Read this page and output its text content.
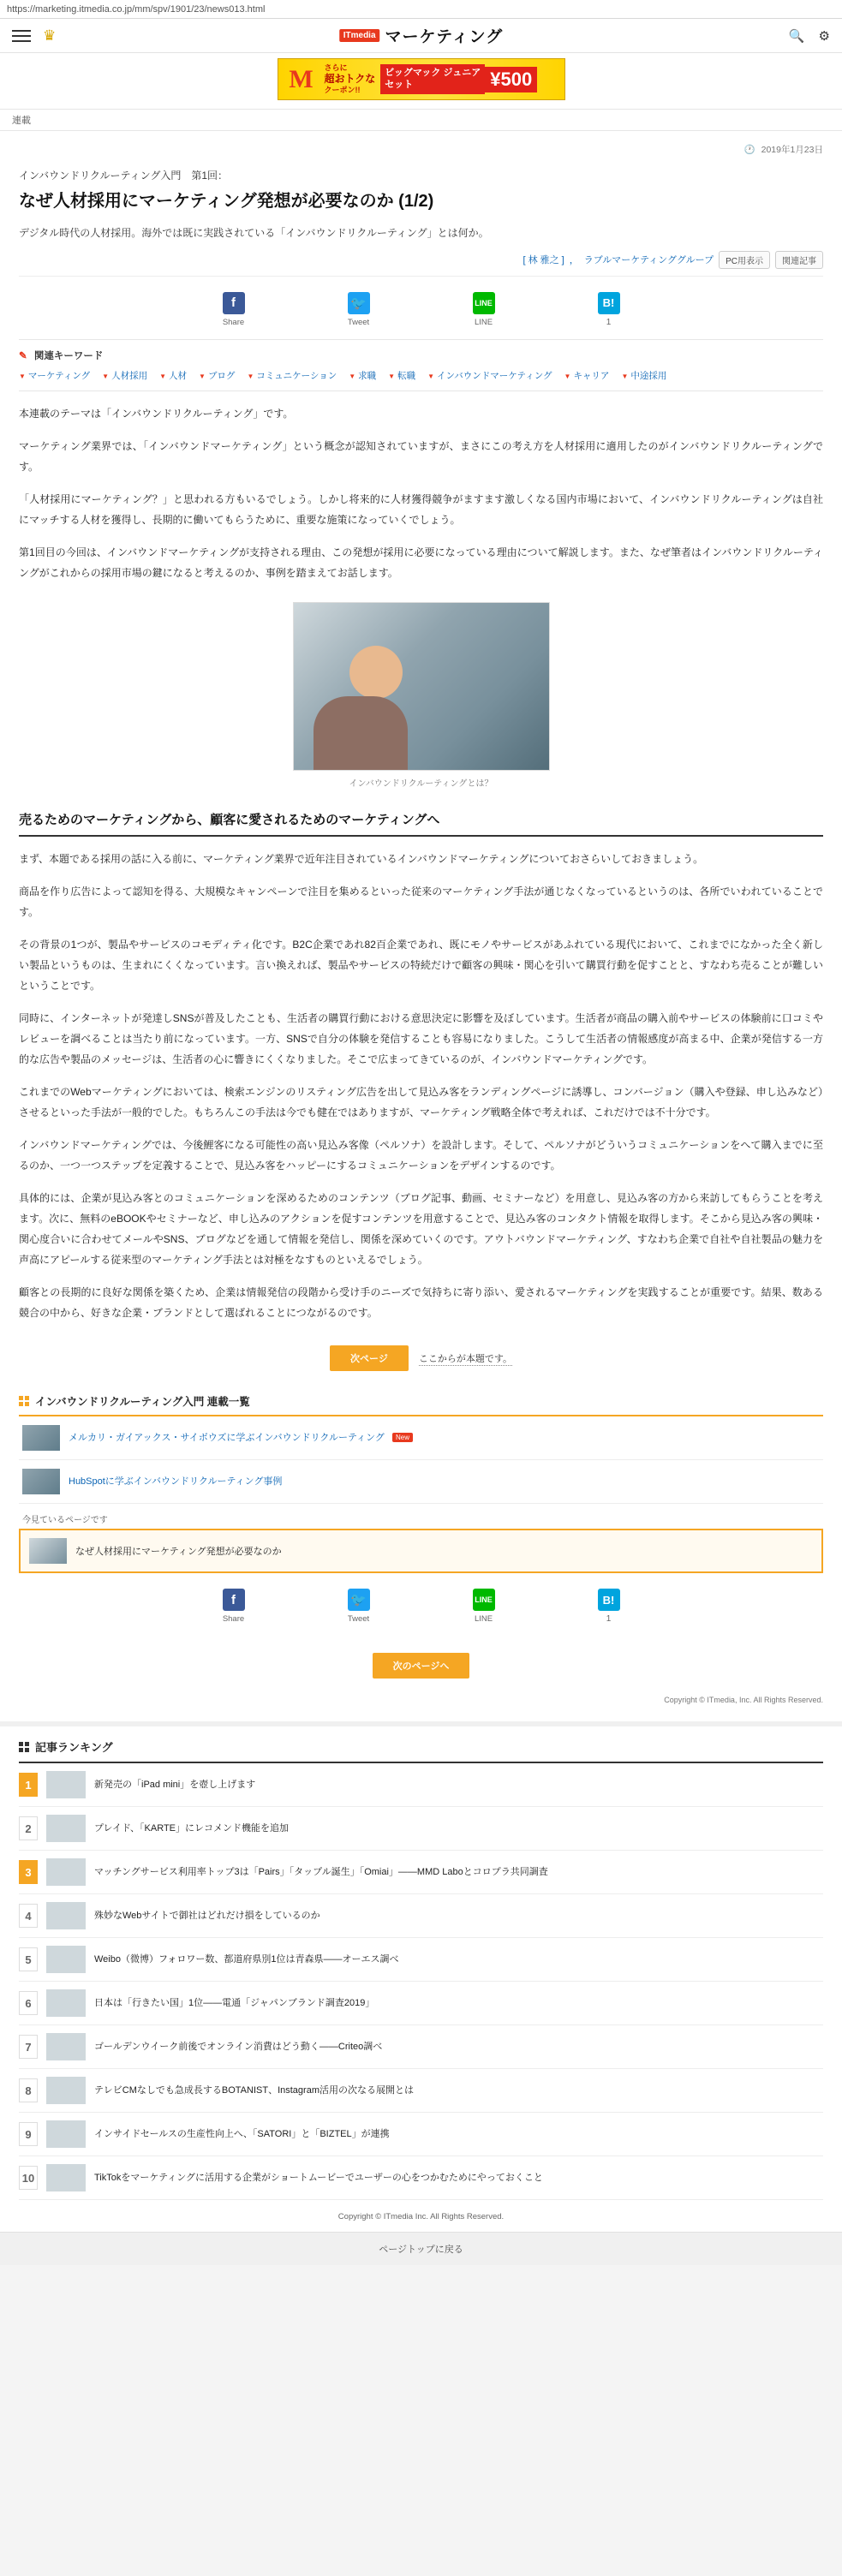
https://marketing.itmedia.co.jp/mm/spv/1901/23/news013.html
♛	ITmedia マーケティング	🔍 ⚙
M	さらに
超おトクな
クーポン!!
ビッグマック ジュニア
セット	¥500
連載
🕐 2019年1月23日
インバウンドリクルーティング入門　第1回：
なぜ人材採用にマーケティング発想が必要なのか (1/2)
デジタル時代の人材採用。海外では既に実践されている「インバウンドリクルーティング」とは何か。
[ 林 雅之 ] ， ラブルマーケティンググループ	PC用表示	関連記事
f
Share
🐦
Tweet
LINE
LINE
B!
1
✎ 関連キーワード
▼ マーケティング ▼ 人材採用 ▼ 人材 ▼ ブログ ▼ コミュニケーション ▼ 求職 ▼ 転職 ▼ インバウンドマーケティング ▼ キャリア ▼ 中途採用

本連載のテーマは「インバウンドリクルーティング」です。

マーケティング業界では、「インバウンドマーケティング」という概念が認知されていますが、まさにこの考え方を人材採用に適用したのがインバウンドリクルーティングです。

「人材採用にマーケティング？」と思われる方もいるでしょう。しかし将来的に人材獲得競争がますます激しくなる国内市場において、インバウンドリクルーティングは自社にマッチする人材を獲得し、長期的に働いてもらうために、重要な施策になっていくでしょう。

第1回目の今回は、インバウンドマーケティングが支持される理由、この発想が採用に必要になっている理由について解説します。また、なぜ筆者はインバウンドリクルーティングがこれからの採用市場の鍵になると考えるのか、事例を踏まえてお話します。

インバウンドリクルーティングとは？
売るためのマーケティングから、顧客に愛されるためのマーケティングへ

まず、本題である採用の話に入る前に、マーケティング業界で近年注目されているインバウンドマーケティングについておさらいしておきましょう。

商品を作り広告によって認知を得る、大規模なキャンペーンで注目を集めるといった従来のマーケティング手法が通じなくなっているというのは、各所でいわれていることです。

その背景の1つが、製品やサービスのコモディティ化です。B2C企業であれ82百企業であれ、既にモノやサービスがあふれている現代において、これまでになかった全く新しい製品というものは、生まれにくくなっています。言い換えれば、製品やサービスの特続だけで顧客の興味・関心を引いて購買行動を促すことと、すなわち売ることが難しいということです。

同時に、インターネットが発達しSNSが普及したことも、生活者の購買行動における意思決定に影響を及ぼしています。生活者が商品の購入前やサービスの体験前に口コミやレビューを調べることは当たり前になっています。一方、SNSで自分の体験を発信することも容易になりました。こうして生活者の情報感度が高まる中、企業が発信する一方的な広告や製品のメッセージは、生活者の心に響きにくくなりました。そこで広まってきているのが、インバウンドマーケティングです。

これまでのWebマーケティングにおいては、検索エンジンのリスティング広告を出して見込み客をランディングページに誘導し、コンバージョン（購入や登録、申し込みなど）させるといった手法が一般的でした。もちろんこの手法は今でも健在ではありますが、マーケティング戦略全体で考えれば、これだけでは不十分です。

インバウンドマーケティングでは、今後鯉客になる可能性の高い見込み客像（ペルソナ）を設計します。そして、ペルソナがどういうコミュニケーションをへて購入までに至るのか、一つ一つステップを定義することで、見込み客をハッピーにするコミュニケーションをデザインするのです。

具体的には、企業が見込み客とのコミュニケーションを深めるためのコンテンツ（ブログ記事、動画、セミナーなど）を用意し、見込み客の方から来訪してもらうことを考えます。次に、無料のeBOOKやセミナーなど、申し込みのアクションを促すコンテンツを用意することで、見込み客のコンタクト情報を取得します。そこから見込み客の興味・関心度合いに合わせてメールやSNS、ブログなどを通して情報を発信し、関係を深めていくのです。アウトバウンドマーケティング、すなわち企業で自社や自社製品の魅力を声高にアピールする従来型のマーケティング手法とは対極をなすものといえるでしょう。

顧客との長期的に良好な関係を築くため、企業は情報発信の段階から受け手のニーズで気持ちに寄り添い、愛されるマーケティングを実践することが重要です。結果、数ある競合の中から、好きな企業・ブランドとして選ばれることにつながるのです。

次ページ	ここからが本題です。
インバウンドリクルーティング入門 連載一覧
メルカリ・ガイアックス・サイボウズに学ぶインバウンドリクルーティング New
HubSpotに学ぶインバウンドリクルーティング事例
今見ているページです
なぜ人材採用にマーケティング発想が必要なのか
f
Share
🐦
Tweet
LINE
LINE
B!
1
次のページへ
Copyright © ITmedia, Inc. All Rights Reserved.
記事ランキング
1	新発売の「iPad mini」を壺し上げます
2	プレイド、「KARTE」にレコメンド機能を追加
3	マッチングサービス利用率トップ3は「Pairs」「タップル誕生」「Omiai」——MMD Laboとコロプラ共同調査
4	殊妙なWebサイトで御社はどれだけ損をしているのか
5	Weibo（微博）フォロワー数、都道府県別1位は青森県——オーエス調べ
6	日本は「行きたい国」1位——電通「ジャパンブランド調査2019」
7	ゴールデンウイーク前後でオンライン消費はどう動く——Criteo調べ
8	テレビCMなしでも急成長するBOTANIST、Instagram活用の次なる展開とは
9	インサイドセールスの生産性向上へ、「SATORI」と「BIZTEL」が連携
10	TikTokをマーケティングに活用する企業がショートムービーでユーザーの心をつかむためにやっておくこと
Copyright © ITmedia Inc. All Rights Reserved.
ページトップに戻る
